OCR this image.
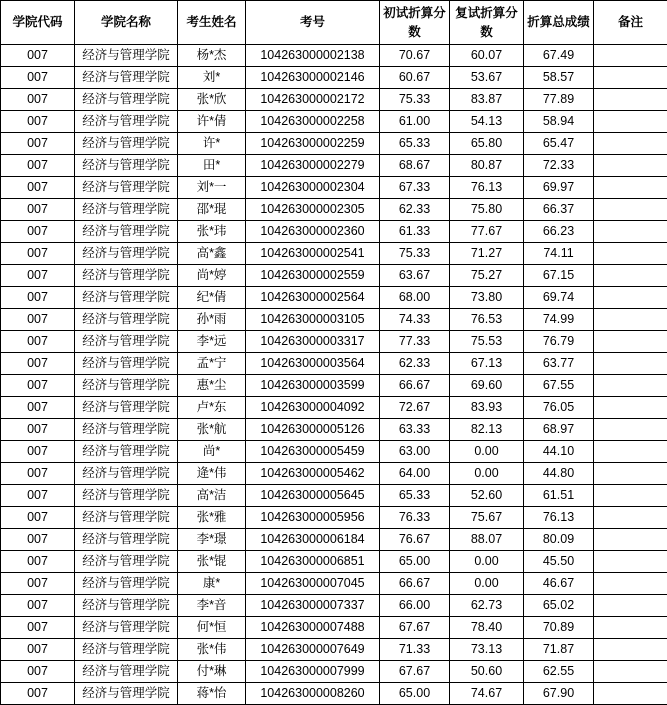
学院代码	学院名称	考生姓名	考号	初试折算分数	复试折算分数	折算总成绩	备注
007	经济与管理学院	杨*杰	104263000002138	70.67	60.07	67.49	
007	经济与管理学院	刘*	104263000002146	60.67	53.67	58.57	
007	经济与管理学院	张*欣	104263000002172	75.33	83.87	77.89	
007	经济与管理学院	许*倩	104263000002258	61.00	54.13	58.94	
007	经济与管理学院	许*	104263000002259	65.33	65.80	65.47	
007	经济与管理学院	田*	104263000002279	68.67	80.87	72.33	
007	经济与管理学院	刘*一	104263000002304	67.33	76.13	69.97	
007	经济与管理学院	邵*琨	104263000002305	62.33	75.80	66.37	
007	经济与管理学院	张*玮	104263000002360	61.33	77.67	66.23	
007	经济与管理学院	高*鑫	104263000002541	75.33	71.27	74.11	
007	经济与管理学院	尚*婷	104263000002559	63.67	75.27	67.15	
007	经济与管理学院	纪*倩	104263000002564	68.00	73.80	69.74	
007	经济与管理学院	孙*雨	104263000003105	74.33	76.53	74.99	
007	经济与管理学院	李*远	104263000003317	77.33	75.53	76.79	
007	经济与管理学院	孟*宁	104263000003564	62.33	67.13	63.77	
007	经济与管理学院	惠*尘	104263000003599	66.67	69.60	67.55	
007	经济与管理学院	卢*东	104263000004092	72.67	83.93	76.05	
007	经济与管理学院	张*航	104263000005126	63.33	82.13	68.97	
007	经济与管理学院	尚*	104263000005459	63.00	0.00	44.10	
007	经济与管理学院	逄*伟	104263000005462	64.00	0.00	44.80	
007	经济与管理学院	高*洁	104263000005645	65.33	52.60	61.51	
007	经济与管理学院	张*雅	104263000005956	76.33	75.67	76.13	
007	经济与管理学院	李*璟	104263000006184	76.67	88.07	80.09	
007	经济与管理学院	张*锟	104263000006851	65.00	0.00	45.50	
007	经济与管理学院	康*	104263000007045	66.67	0.00	46.67	
007	经济与管理学院	李*音	104263000007337	66.00	62.73	65.02	
007	经济与管理学院	何*恒	104263000007488	67.67	78.40	70.89	
007	经济与管理学院	张*伟	104263000007649	71.33	73.13	71.87	
007	经济与管理学院	付*琳	104263000007999	67.67	50.60	62.55	
007	经济与管理学院	蒋*怡	104263000008260	65.00	74.67	67.90	
